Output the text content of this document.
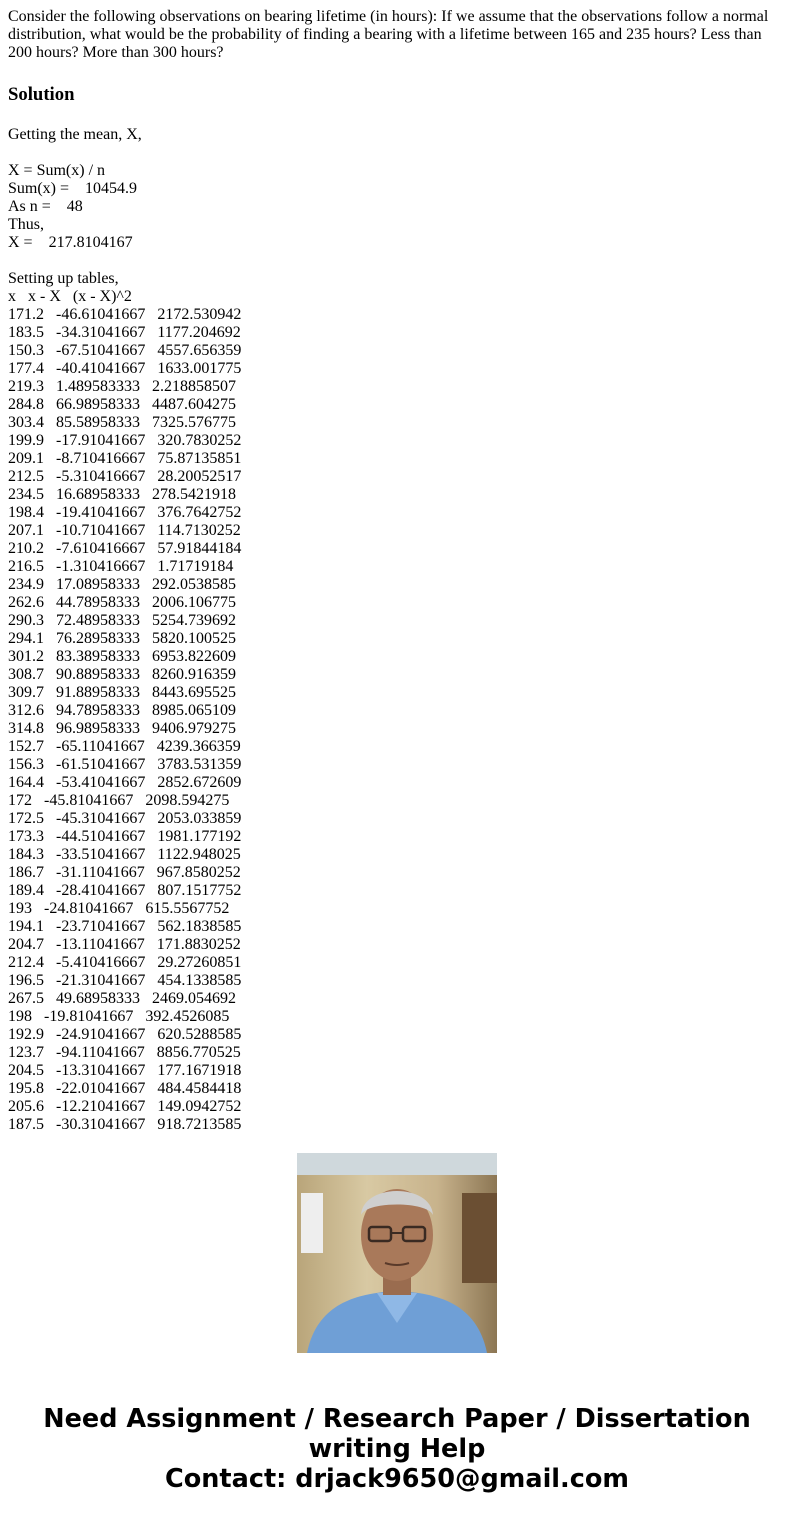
Consider the following observations on bearing lifetime (in hours): If we assume that the observations follow a normal distribution, what would be the probability of finding a bearing with a lifetime between 165 and 235 hours? Less than 200 hours? More than 300 hours?

Solution
Getting the mean, X,
X = Sum(x) / n
Sum(x) =    10454.9
As n =    48
Thus,
X =    217.8104167
Setting up tables,
x   x - X   (x - X)^2
171.2   -46.61041667   2172.530942
183.5   -34.31041667   1177.204692
150.3   -67.51041667   4557.656359
177.4   -40.41041667   1633.001775
219.3   1.489583333   2.218858507
284.8   66.98958333   4487.604275
303.4   85.58958333   7325.576775
199.9   -17.91041667   320.7830252
209.1   -8.710416667   75.87135851
212.5   -5.310416667   28.20052517
234.5   16.68958333   278.5421918
198.4   -19.41041667   376.7642752
207.1   -10.71041667   114.7130252
210.2   -7.610416667   57.91844184
216.5   -1.310416667   1.71719184
234.9   17.08958333   292.0538585
262.6   44.78958333   2006.106775
290.3   72.48958333   5254.739692
294.1   76.28958333   5820.100525
301.2   83.38958333   6953.822609
308.7   90.88958333   8260.916359
309.7   91.88958333   8443.695525
312.6   94.78958333   8985.065109
314.8   96.98958333   9406.979275
152.7   -65.11041667   4239.366359
156.3   -61.51041667   3783.531359
164.4   -53.41041667   2852.672609
172   -45.81041667   2098.594275
172.5   -45.31041667   2053.033859
173.3   -44.51041667   1981.177192
184.3   -33.51041667   1122.948025
186.7   -31.11041667   967.8580252
189.4   -28.41041667   807.1517752
193   -24.81041667   615.5567752
194.1   -23.71041667   562.1838585
204.7   -13.11041667   171.8830252
212.4   -5.410416667   29.27260851
196.5   -21.31041667   454.1338585
267.5   49.68958333   2469.054692
198   -19.81041667   392.4526085
192.9   -24.91041667   620.5288585
123.7   -94.11041667   8856.770525
204.5   -13.31041667   177.1671918
195.8   -22.01041667   484.4584418
205.6   -12.21041667   149.0942752
187.5   -30.31041667   918.7213585
Need Assignment / Research Paper / Dissertation
writing Help
Contact: drjack9650@gmail.com
